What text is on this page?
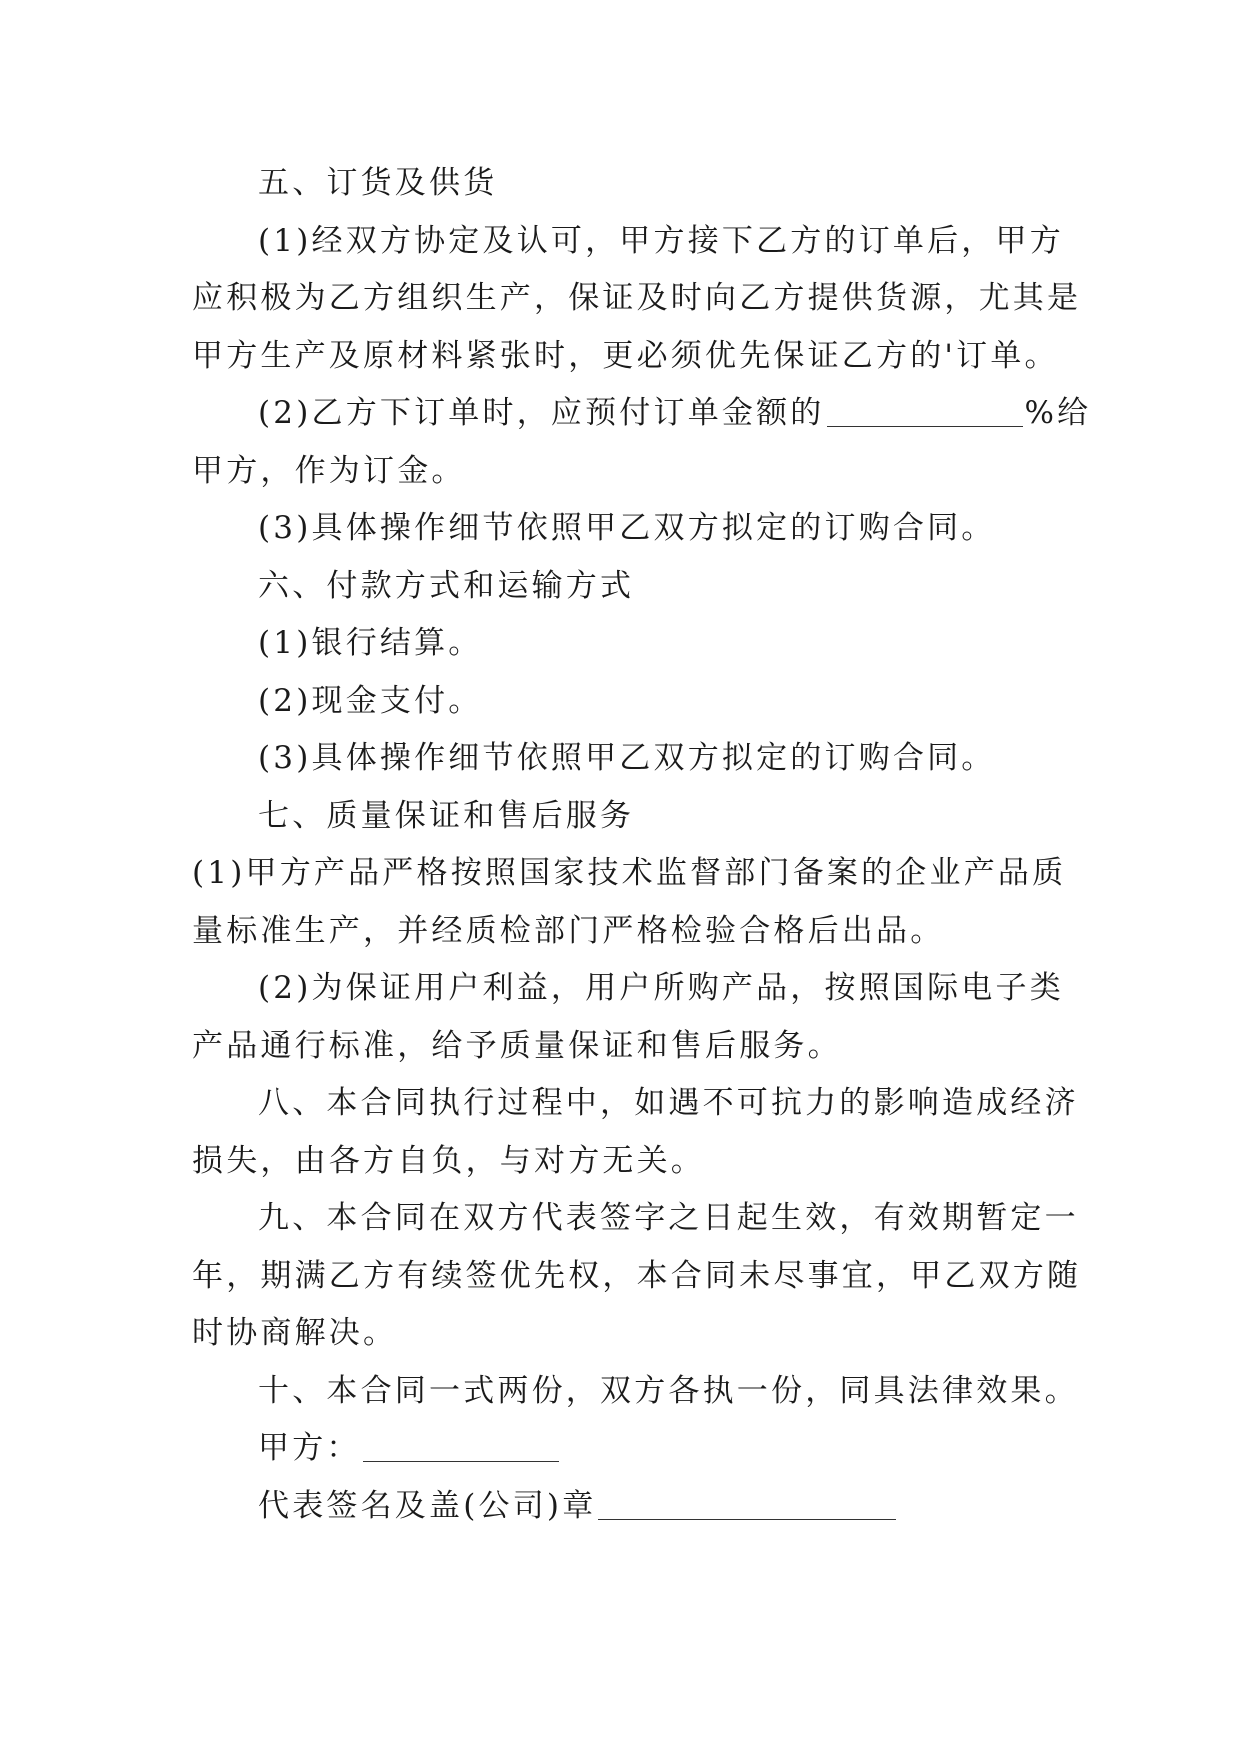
五、订货及供货
(1)经双方协定及认可，甲方接下乙方的订单后，甲方
应积极为乙方组织生产，保证及时向乙方提供货源，尤其是
甲方生产及原材料紧张时，更必须优先保证乙方的'订单。
(2)乙方下订单时，应预付订单金额的	%给
甲方，作为订金。
(3)具体操作细节依照甲乙双方拟定的订购合同。
六、付款方式和运输方式
(1)银行结算。
(2)现金支付。
(3)具体操作细节依照甲乙双方拟定的订购合同。
七、质量保证和售后服务
(1)甲方产品严格按照国家技术监督部门备案的企业产品质
量标准生产，并经质检部门严格检验合格后出品。
(2)为保证用户利益，用户所购产品，按照国际电子类
产品通行标准，给予质量保证和售后服务。
八、本合同执行过程中，如遇不可抗力的影响造成经济
损失，由各方自负，与对方无关。
九、本合同在双方代表签字之日起生效，有效期暂定一
年，期满乙方有续签优先权，本合同未尽事宜，甲乙双方随
时协商解决。
十、本合同一式两份，双方各执一份，同具法律效果。
甲方：
代表签名及盖(公司)章
